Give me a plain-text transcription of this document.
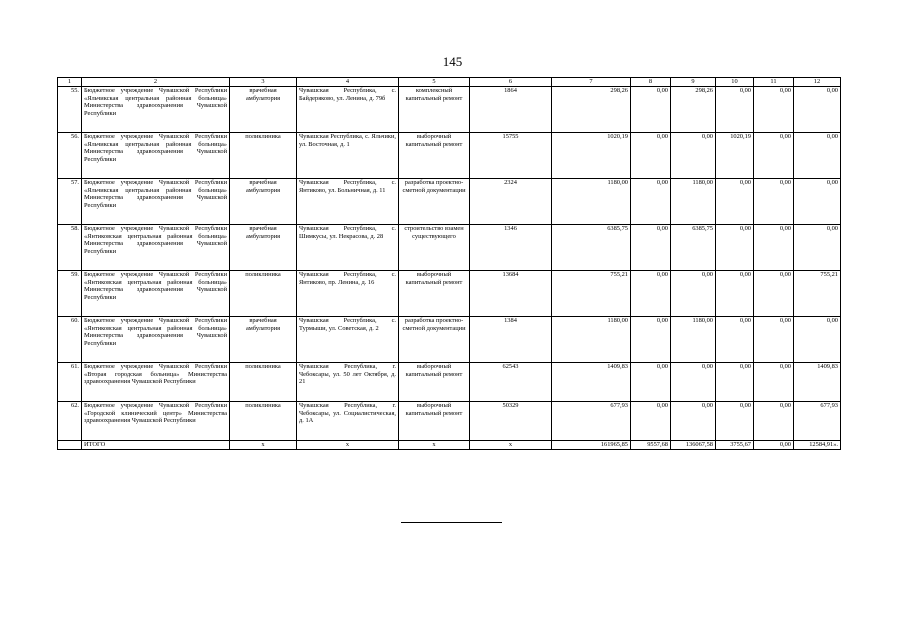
145
1	2	3	4	5	6	7	8	9	10	11	12
55.	Бюджетное учреждение Чувашской Республики «Яльчикская центральная районная больница» Министерства здравоохранения Чувашской Республики	врачебная амбулатория	Чувашская Республика, с. Байдеряково, ул. Ленина, д. 79б	комплексный капитальный ремонт	1864	298,26	0,00	298,26	0,00	0,00	0,00
56.	Бюджетное учреждение Чувашской Республики «Яльчикская центральная районная больница» Министерства здравоохранения Чувашской Республики	поликлиника	Чувашская Республика, с. Яльчики, ул. Восточная, д. 1	выборочный капитальный ремонт	15755	1020,19	0,00	0,00	1020,19	0,00	0,00
57.	Бюджетное учреждение Чувашской Республики «Яльчикская центральная районная больница» Министерства здравоохранения Чувашской Республики	врачебная амбулатория	Чувашская Республика, с. Янтиково, ул. Больничная, д. 11	разработка проектно-сметной документации	2324	1180,00	0,00	1180,00	0,00	0,00	0,00
58.	Бюджетное учреждение Чувашской Республики «Янтиковская центральная районная больница» Министерства здравоохранения Чувашской Республики	врачебная амбулатория	Чувашская Республика, с. Шимкусы, ул. Некрасова, д. 28	строительство взамен существующего	1346	6385,75	0,00	6385,75	0,00	0,00	0,00
59.	Бюджетное учреждение Чувашской Республики «Янтиковская центральная районная больница» Министерства здравоохранения Чувашской Республики	поликлиника	Чувашская Республика, с. Янтиково, пр. Ленина, д. 16	выборочный капитальный ремонт	13684	755,21	0,00	0,00	0,00	0,00	755,21
60.	Бюджетное учреждение Чувашской Республики «Янтиковская центральная районная больница» Министерства здравоохранения Чувашской Республики	врачебная амбулатория	Чувашская Республика, с. Турмыши, ул. Советская, д. 2	разработка проектно-сметной документации	1384	1180,00	0,00	1180,00	0,00	0,00	0,00
61.	Бюджетное учреждение Чувашской Республики «Вторая городская больница» Министерства здравоохранения Чувашской Республики	поликлиника	Чувашская Республика, г. Чебоксары, ул. 50 лет Октября, д. 21	выборочный капитальный ремонт	62543	1409,83	0,00	0,00	0,00	0,00	1409,83
62.	Бюджетное учреждение Чувашской Республики «Городской клинический центр» Министерства здравоохранения Чувашской Республики	поликлиника	Чувашская Республика, г. Чебоксары, ул. Социалистическая, д. 1А	выборочный капитальный ремонт	50329	677,93	0,00	0,00	0,00	0,00	677,93
	ИТОГО	х	х	х	х	161965,85	9557,68	136067,58	3755,67	0,00	12584,91».
